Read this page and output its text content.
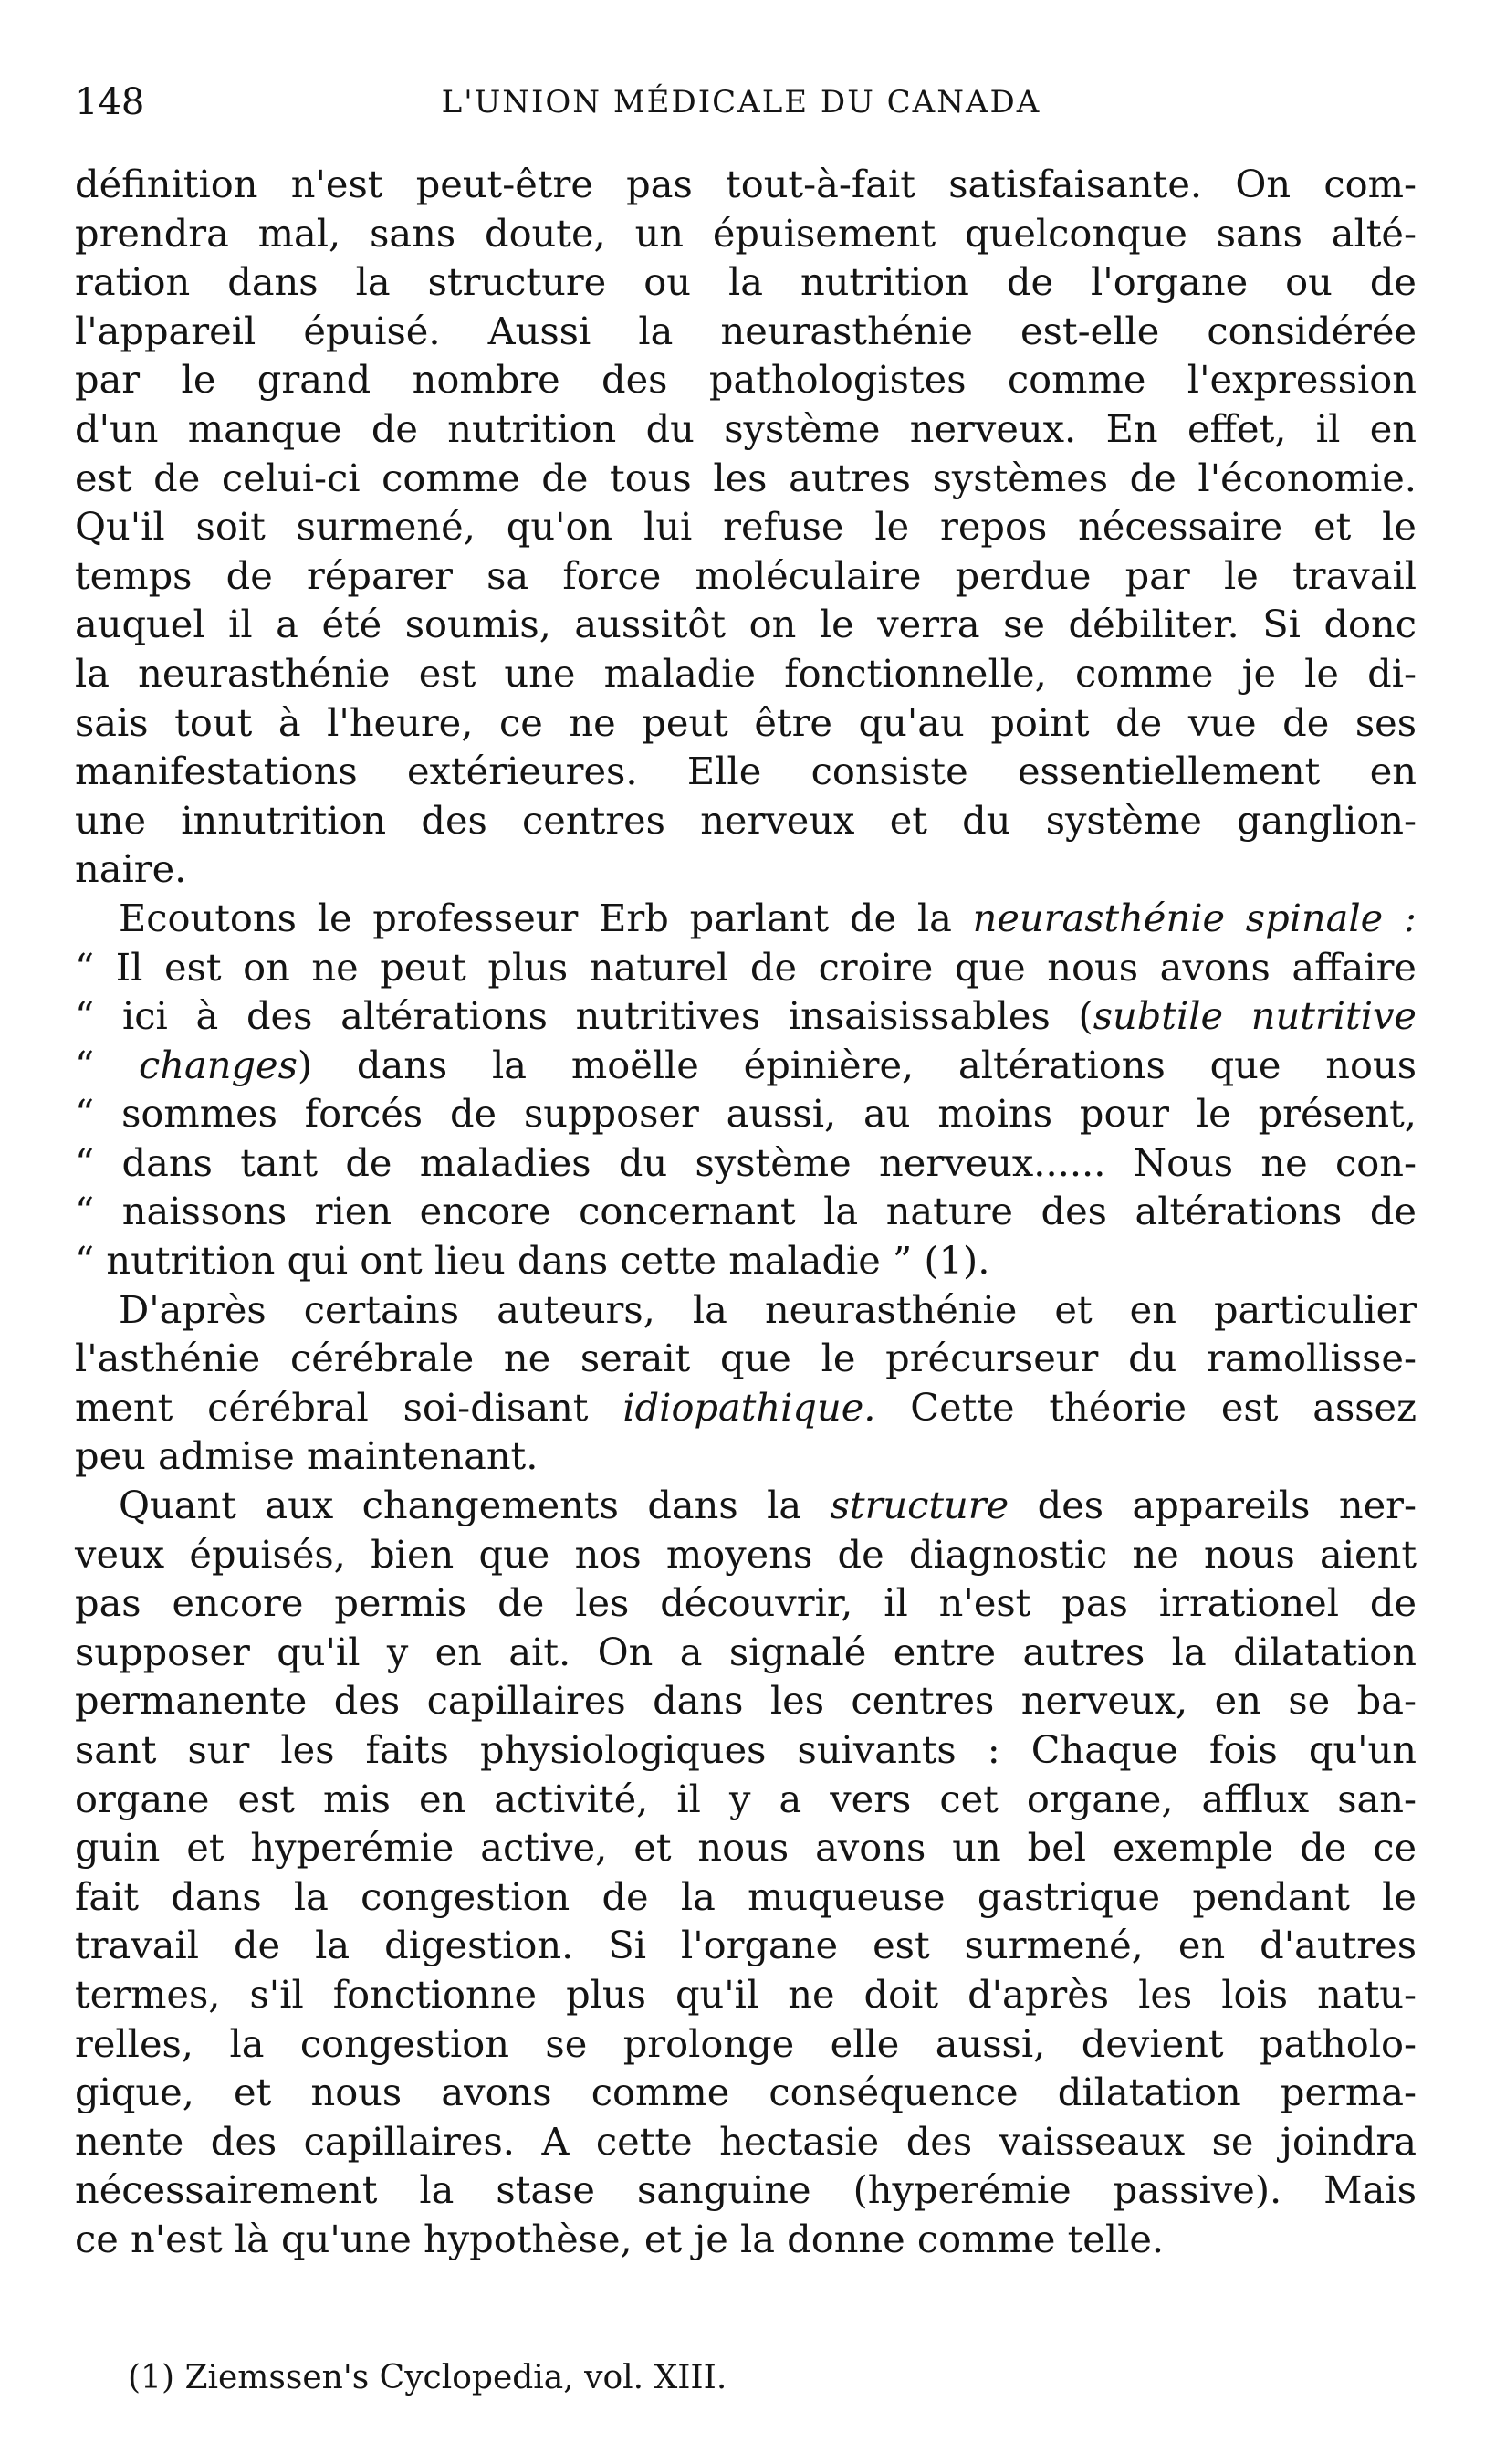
148	L'UNION MÉDICALE DU CANADA
définition n'est peut-être pas tout-à-fait satisfaisante. On com-
prendra mal, sans doute, un épuisement quelconque sans alté-
ration dans la structure ou la nutrition de l'organe ou de
l'appareil épuisé. Aussi la neurasthénie est-elle considérée
par le grand nombre des pathologistes comme l'expression
d'un manque de nutrition du système nerveux. En effet, il en
est de celui-ci comme de tous les autres systèmes de l'économie.
Qu'il soit surmené, qu'on lui refuse le repos nécessaire et le
temps de réparer sa force moléculaire perdue par le travail
auquel il a été soumis, aussitôt on le verra se débiliter. Si donc
la neurasthénie est une maladie fonctionnelle, comme je le di-
sais tout à l'heure, ce ne peut être qu'au point de vue de ses
manifestations extérieures. Elle consiste essentiellement en
une innutrition des centres nerveux et du système ganglion-
naire.
Ecoutons le professeur Erb parlant de la neurasthénie spinale :
“ Il est on ne peut plus naturel de croire que nous avons affaire
“ ici à des altérations nutritives insaisissables (subtile nutritive
“ changes) dans la moëlle épinière, altérations que nous
“ sommes forcés de supposer aussi, au moins pour le présent,
“ dans tant de maladies du système nerveux...... Nous ne con-
“ naissons rien encore concernant la nature des altérations de
“ nutrition qui ont lieu dans cette maladie ” (1).
D'après certains auteurs, la neurasthénie et en particulier
l'asthénie cérébrale ne serait que le précurseur du ramollisse-
ment cérébral soi-disant idiopathique. Cette théorie est assez
peu admise maintenant.
Quant aux changements dans la structure des appareils ner-
veux épuisés, bien que nos moyens de diagnostic ne nous aient
pas encore permis de les découvrir, il n'est pas irrationel de
supposer qu'il y en ait. On a signalé entre autres la dilatation
permanente des capillaires dans les centres nerveux, en se ba-
sant sur les faits physiologiques suivants : Chaque fois qu'un
organe est mis en activité, il y a vers cet organe, afflux san-
guin et hyperémie active, et nous avons un bel exemple de ce
fait dans la congestion de la muqueuse gastrique pendant le
travail de la digestion. Si l'organe est surmené, en d'autres
termes, s'il fonctionne plus qu'il ne doit d'après les lois natu-
relles, la congestion se prolonge elle aussi, devient patholo-
gique, et nous avons comme conséquence dilatation perma-
nente des capillaires. A cette hectasie des vaisseaux se joindra
nécessairement la stase sanguine (hyperémie passive). Mais
ce n'est là qu'une hypothèse, et je la donne comme telle.
(1) Ziemssen's Cyclopedia, vol. XIII.
